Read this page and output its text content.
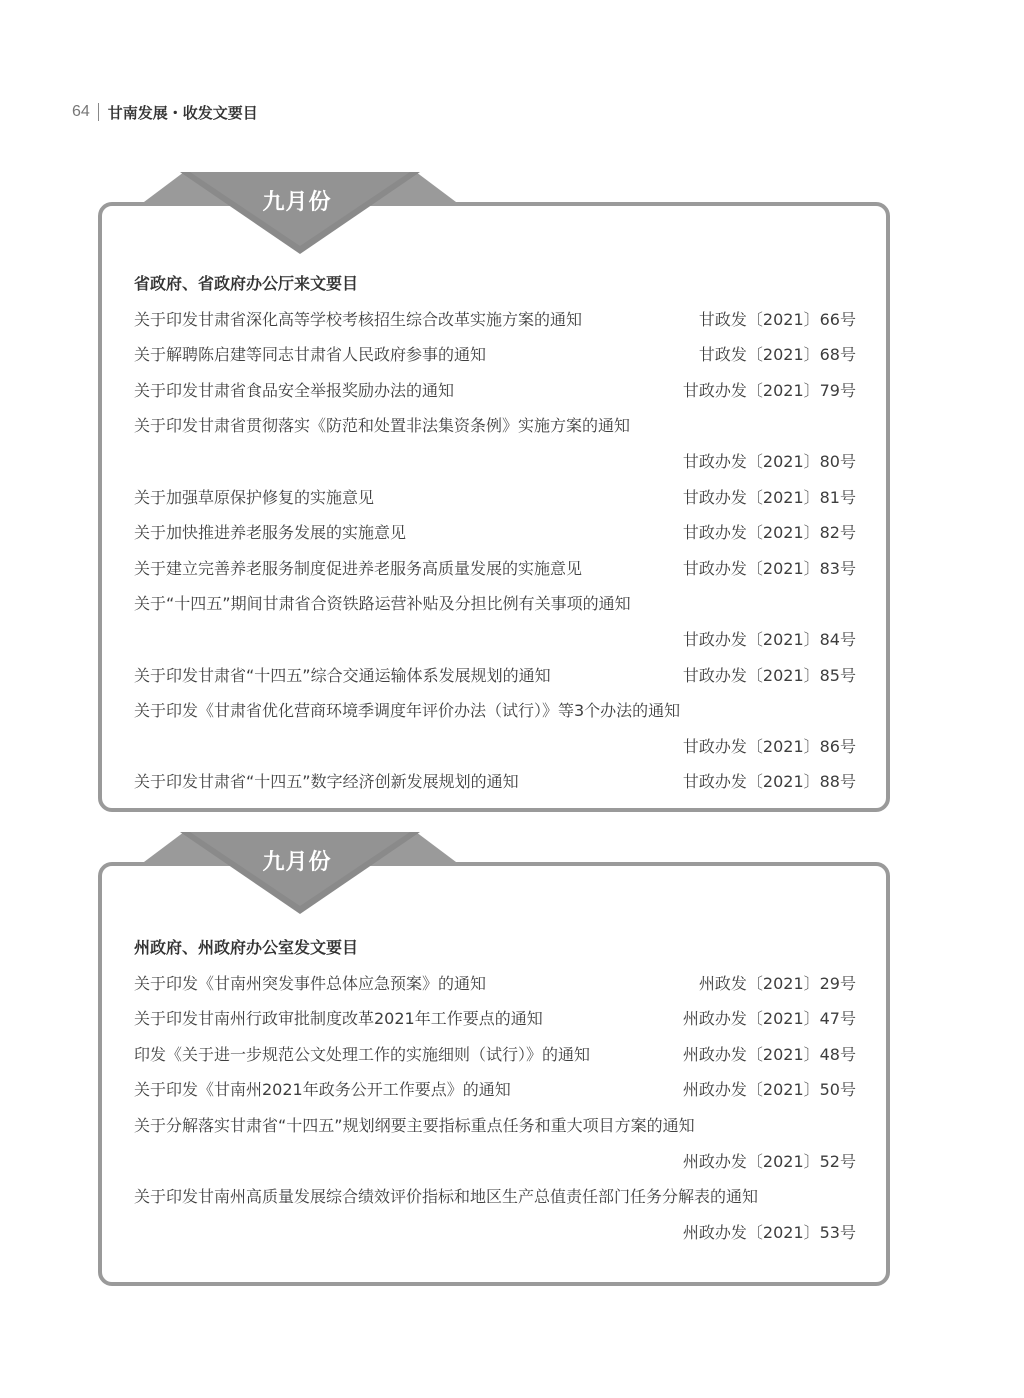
64 甘南发展・收发文要目
九月份
省政府、省政府办公厅来文要目
关于印发甘肃省深化高等学校考核招生综合改革实施方案的通知	甘政发〔2021〕66号
关于解聘陈启建等同志甘肃省人民政府参事的通知	甘政发〔2021〕68号
关于印发甘肃省食品安全举报奖励办法的通知	甘政办发〔2021〕79号
关于印发甘肃省贯彻落实《防范和处置非法集资条例》实施方案的通知
甘政办发〔2021〕80号
关于加强草原保护修复的实施意见	甘政办发〔2021〕81号
关于加快推进养老服务发展的实施意见	甘政办发〔2021〕82号
关于建立完善养老服务制度促进养老服务高质量发展的实施意见	甘政办发〔2021〕83号
关于“十四五”期间甘肃省合资铁路运营补贴及分担比例有关事项的通知
甘政办发〔2021〕84号
关于印发甘肃省“十四五”综合交通运输体系发展规划的通知	甘政办发〔2021〕85号
关于印发《甘肃省优化营商环境季调度年评价办法（试行）》等3个办法的通知
甘政办发〔2021〕86号
关于印发甘肃省“十四五”数字经济创新发展规划的通知	甘政办发〔2021〕88号
九月份
州政府、州政府办公室发文要目
关于印发《甘南州突发事件总体应急预案》的通知	州政发〔2021〕29号
关于印发甘南州行政审批制度改革2021年工作要点的通知	州政办发〔2021〕47号
印发《关于进一步规范公文处理工作的实施细则（试行）》的通知	州政办发〔2021〕48号
关于印发《甘南州2021年政务公开工作要点》的通知	州政办发〔2021〕50号
关于分解落实甘肃省“十四五”规划纲要主要指标重点任务和重大项目方案的通知
州政办发〔2021〕52号
关于印发甘南州高质量发展综合绩效评价指标和地区生产总值责任部门任务分解表的通知
州政办发〔2021〕53号
